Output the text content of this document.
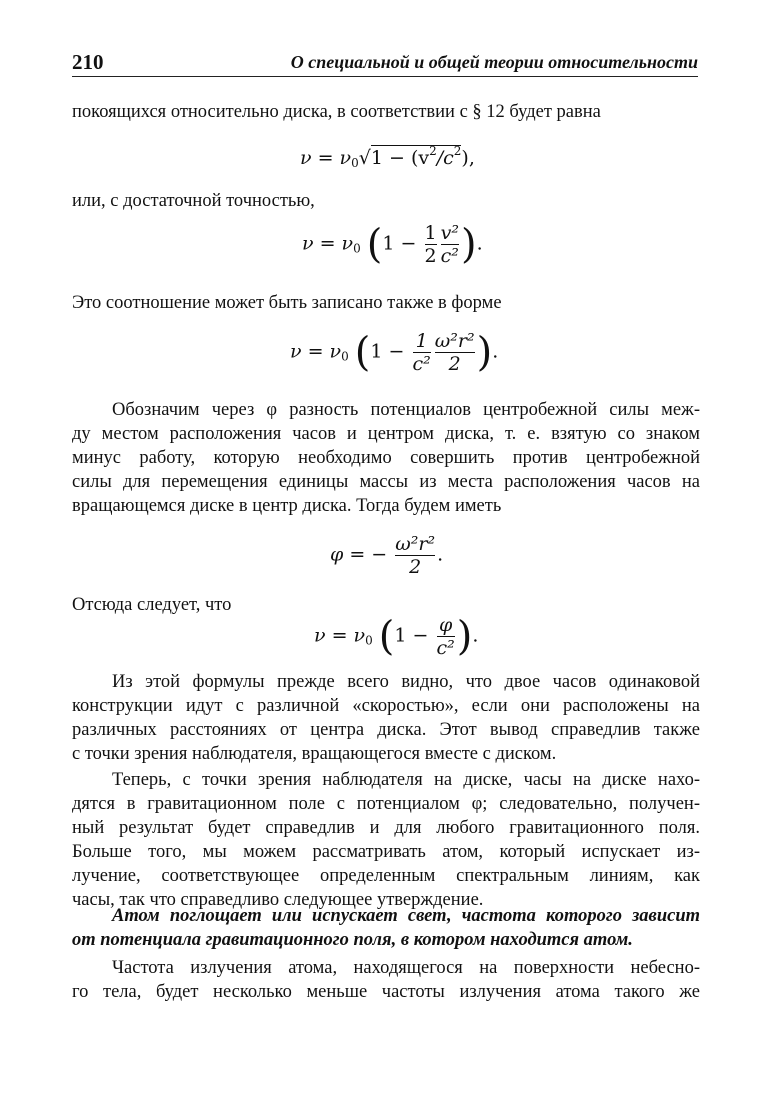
210	О специальной и общей теории относительности
покоящихся относительно диска, в соответствии с § 12 будет равна
$\nu = \nu_0√1 - (v^2/c^2)$,
или, с достаточной точностью,
$\nu = \nu_0$ ($1 - \frac{1}{2} \frac{\text{v²}}{\text{c²}}$ ).
Это соотношение может быть записано также в форме
$\nu = \nu_0$ ($1 - \frac{1}{\text{c²}} \frac{\text{ω²r²}}{2}$ ).
Обозначим через φ разность потенциалов центробежной силы меж-
ду местом расположения часов и центром диска, т. е. взятую со знаком
минус работу, которую необходимо совершить против центробежной
силы для перемещения единицы массы из места расположения часов на
вращающемся диске в центр диска. Тогда будем иметь
φ = − $\frac{\text{ω²r²}}{2}$ .
Отсюда следует, что
$\nu = \nu_0$ ($1 - \frac{\varphi}{\text{c²}}$ ).
Из этой формулы прежде всего видно, что двое часов одинаковой
конструкции идут с различной «скоростью», если они расположены на
различных расстояниях от центра диска. Этот вывод справедлив также
с точки зрения наблюдателя, вращающегося вместе с диском.
Теперь, с точки зрения наблюдателя на диске, часы на диске нахо-
дятся в гравитационном поле с потенциалом φ; следовательно, получен-
ный результат будет справедлив и для любого гравитационного поля.
Больше того, мы можем рассматривать атом, который испускает из-
лучение, соответствующее определенным спектральным линиям, как
часы, так что справедливо следующее утверждение.
Атом поглощает или испускает свет, частота которого зависит
от потенциала гравитационного поля, в котором находится атом.
Частота излучения атома, находящегося на поверхности небесно-
го тела, будет несколько меньше частоты излучения атома такого же
